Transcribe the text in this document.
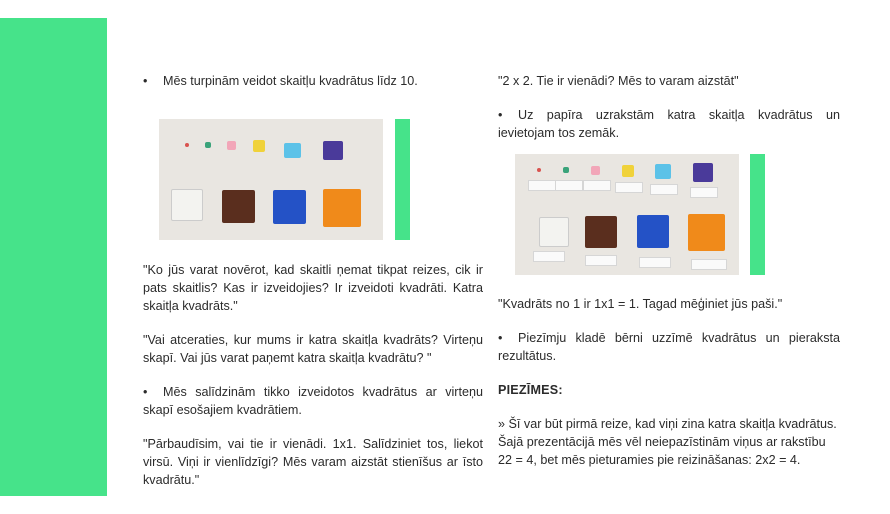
• Mēs turpinām veidot skaitļu kvadrātus līdz 10.

"Ko jūs varat novērot, kad skaitli ņemat tikpat reizes, cik ir pats skaitlis? Kas ir izveidojies? Ir izveidoti kvadrāti. Katra skaitļa kvadrāts."

"Vai atceraties, kur mums ir katra skaitļa kvadrāts? Virteņu skapī. Vai jūs varat paņemt katra skaitļa kvadrātu? "

• Mēs salīdzinām tikko izveidotos kvadrātus ar virteņu skapī esošajiem kvadrātiem.

"Pārbaudīsim, vai tie ir vienādi. 1x1. Salīdziniet tos, liekot virsū. Viņi ir vienlīdzīgi? Mēs varam aizstāt stienīšus ar īsto kvadrātu."

"2 x 2. Tie ir vienādi? Mēs to varam aizstāt"

• Uz papīra uzrakstām katra skaitļa kvadrātus un ievietojam tos zemāk.

"Kvadrāts no 1 ir 1x1 = 1. Tagad mēģiniet jūs paši."

• Piezīmju kladē bērni uzzīmē kvadrātus un pieraksta rezultātus.

PIEZĪMES:

» Šī var būt pirmā reize, kad viņi zina katra skaitļa kvadrātus. Šajā prezentācijā mēs vēl neiepazīstinām viņus ar rakstību 22 = 4, bet mēs pieturamies pie reizināšanas: 2x2 = 4.
